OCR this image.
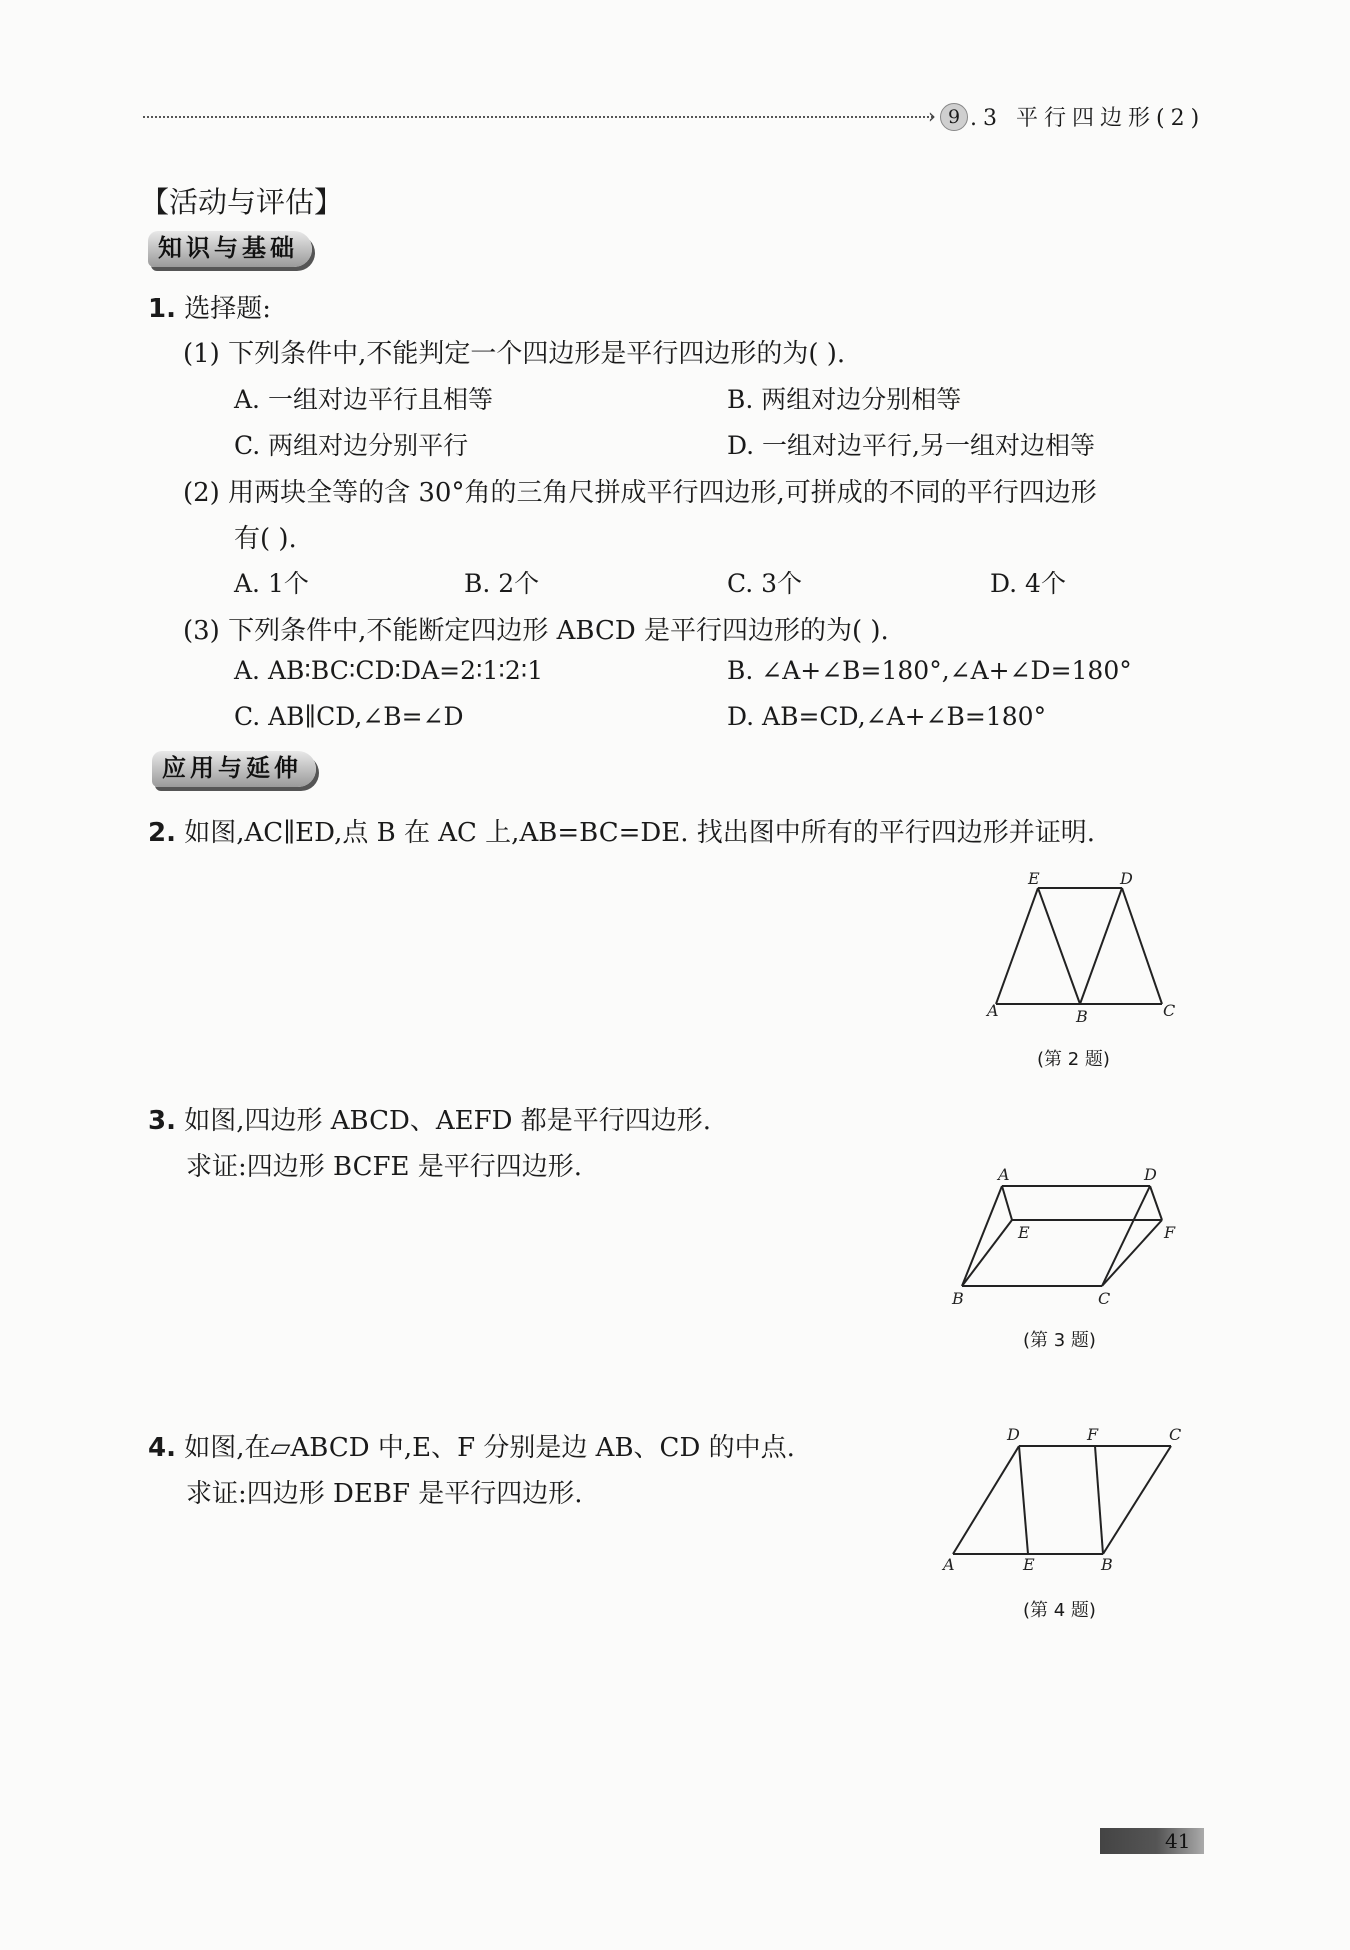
› 9 .3 平行四边形(2)
【活动与评估】
知识与基础
1. 选择题:
(1) 下列条件中,不能判定一个四边形是平行四边形的为( ).
A. 一组对边平行且相等	B. 两组对边分别相等
C. 两组对边分别平行	D. 一组对边平行,另一组对边相等
(2) 用两块全等的含 30°角的三角尺拼成平行四边形,可拼成的不同的平行四边形
有( ).
A. 1个	B. 2个	C. 3个	D. 4个
(3) 下列条件中,不能断定四边形 ABCD 是平行四边形的为( ).
A. AB∶BC∶CD∶DA=2∶1∶2∶1	B. ∠A+∠B=180°,∠A+∠D=180°
C. AB∥CD,∠B=∠D	D. AB=CD,∠A+∠B=180°
应用与延伸
2. 如图,AC∥ED,点 B 在 AC 上,AB=BC=DE. 找出图中所有的平行四边形并证明.
E	D
A	B	C
(第 2 题)
3. 如图,四边形 ABCD、AEFD 都是平行四边形.
求证:四边形 BCFE 是平行四边形.	A	D
E	F
B	C
(第 3 题)
4. 如图,在▱ABCD 中,E、F 分别是边 AB、CD 的中点.
求证:四边形 DEBF 是平行四边形.
D	F	C
A	E	B
(第 4 题)
41
